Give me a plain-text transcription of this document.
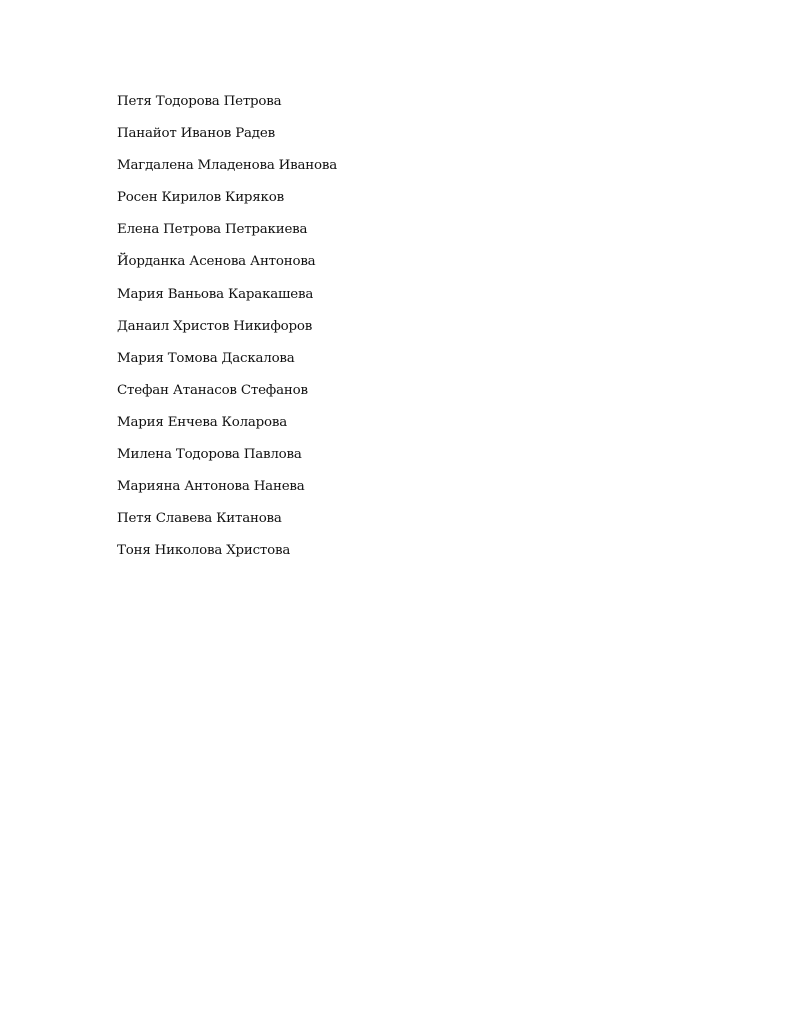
Петя Тодорова Петрова
Панайот Иванов Радев
Магдалена Младенова Иванова
Росен Кирилов Киряков
Елена Петрова Петракиева
Йорданка Асенова Антонова
Мария Ваньова Каракашева
Данаил Христов Никифоров
Мария Томова Даскалова
Стефан Атанасов Стефанов
Мария Енчева Коларова
Милена Тодорова Павлова
Марияна Антонова Нанева
Петя Славева Китанова
Тоня Николова Христова
